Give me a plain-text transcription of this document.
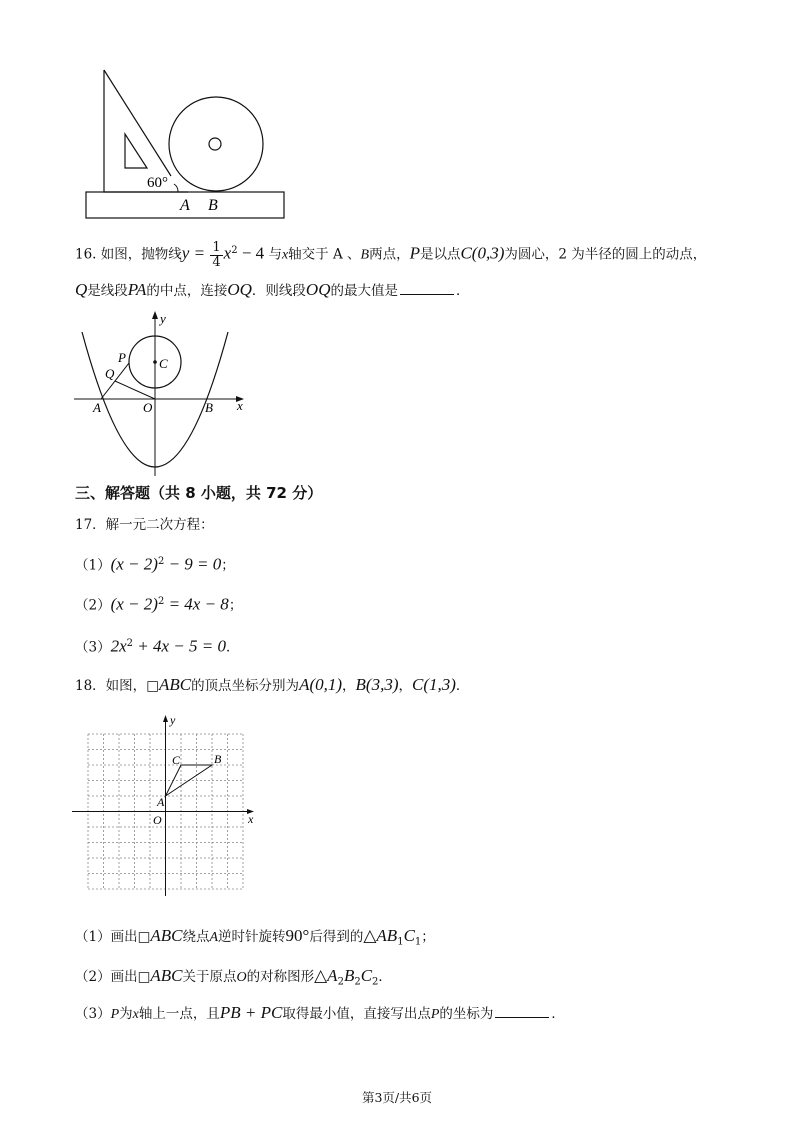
60°
A B
16. 如图，抛物线$y = \frac{1}{4} x^2 - 4$ 与x轴交于 A 、B两点，P是以点C(0,3)为圆心，2 为半径的圆上的动点，
Q是线段PA的中点，连接OQ．则线段OQ的最大值是	．
y
x
P
Q
C
A	O	B
三、解答题（共 8 小题，共 72 分）
17．解一元二次方程：
$(1)(x - 2)^2 - 9 = 0$；
$(2)(x - 2)^2 = 4x - 8$；
$(3)2x^2 + 4x - 5 = 0$．
18．如图，□ABC的顶点坐标分别为A(0,1)，B(3,3)，C(1,3)．
y
x
O
A
B
C
（1）画出□ABC绕点A逆时针旋转90°后得到的$\triangle AB_1C_1$；
（2）画出□ABC关于原点O的对称图形$\triangle A_2B_2C_2$．
（3）P为x轴上一点，且PB + PC取得最小值，直接写出点P的坐标为	．
第3页/共6页
